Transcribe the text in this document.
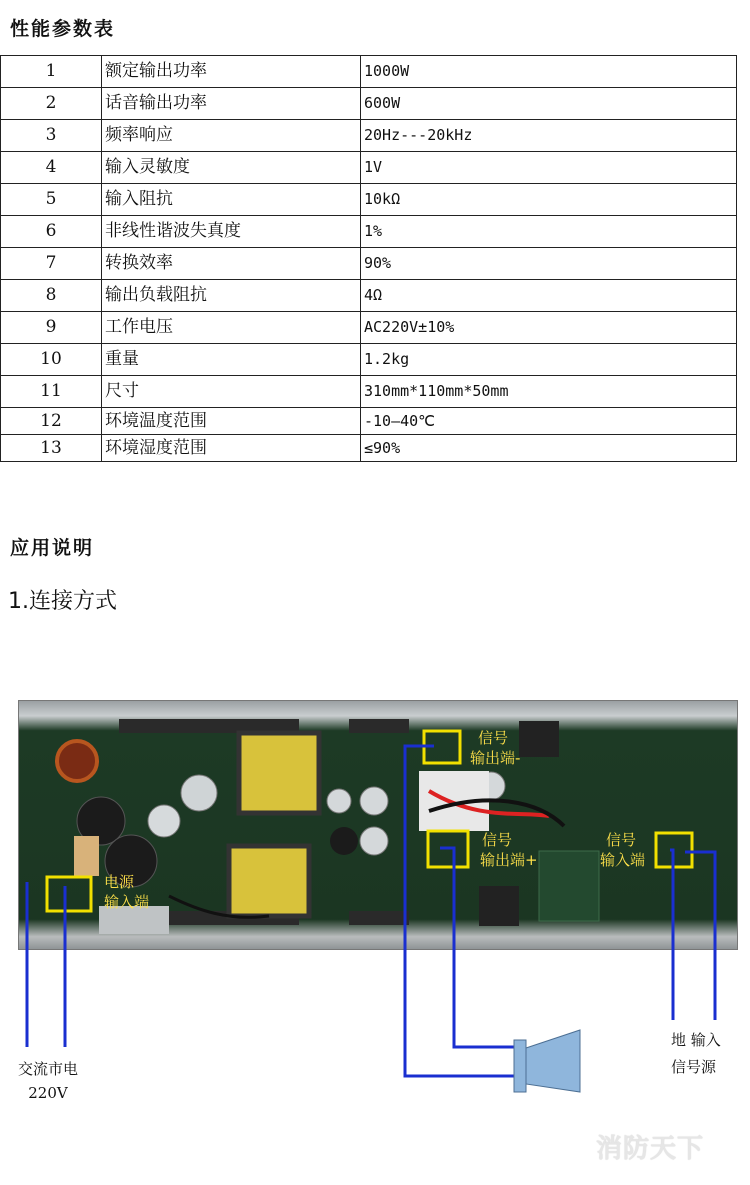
性能参数表
1	额定输出功率	1000W
2	话音输出功率	600W
3	频率响应	20Hz---20kHz
4	输入灵敏度	1V
5	输入阻抗	10kΩ
6	非线性谐波失真度	1%
7	转换效率	90%
8	输出负载阻抗	4Ω
9	工作电压	AC220V±10%
10	重量	1.2kg
11	尺寸	310mm*110mm*50mm
12	环境温度范围	-10—40℃
13	环境湿度范围	≤90%
应用说明
1.连接方式
电源
输入端
信号
输出端-
信号
输出端+
信号
输入端
交流市电
220V
地 输入
信号源
消防天下
